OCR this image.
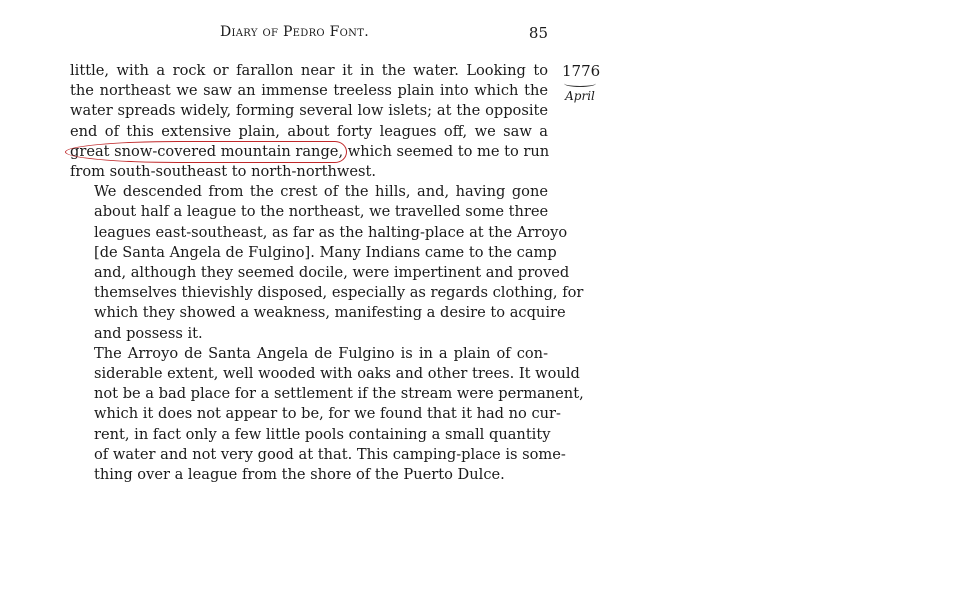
Diary of Pedro Font.	85
1776
April

little, with a rock or farallon near it in the water. Looking to
the northeast we saw an immense treeless plain into which the
water spreads widely, forming several low islets; at the opposite
end of this extensive plain, about forty leagues off, we saw a
great snow-covered mountain range, which seemed to me to run
from south-southeast to north-northwest.

We descended from the crest of the hills, and, having gone
about half a league to the northeast, we travelled some three
leagues east-southeast, as far as the halting-place at the Arroyo
[de Santa Angela de Fulgino]. Many Indians came to the camp
and, although they seemed docile, were impertinent and proved
themselves thievishly disposed, especially as regards clothing, for
which they showed a weakness, manifesting a desire to acquire
and possess it.

The Arroyo de Santa Angela de Fulgino is in a plain of con-
siderable extent, well wooded with oaks and other trees. It would
not be a bad place for a settlement if the stream were permanent,
which it does not appear to be, for we found that it had no cur-
rent, in fact only a few little pools containing a small quantity
of water and not very good at that. This camping-place is some-
thing over a league from the shore of the Puerto Dulce.
